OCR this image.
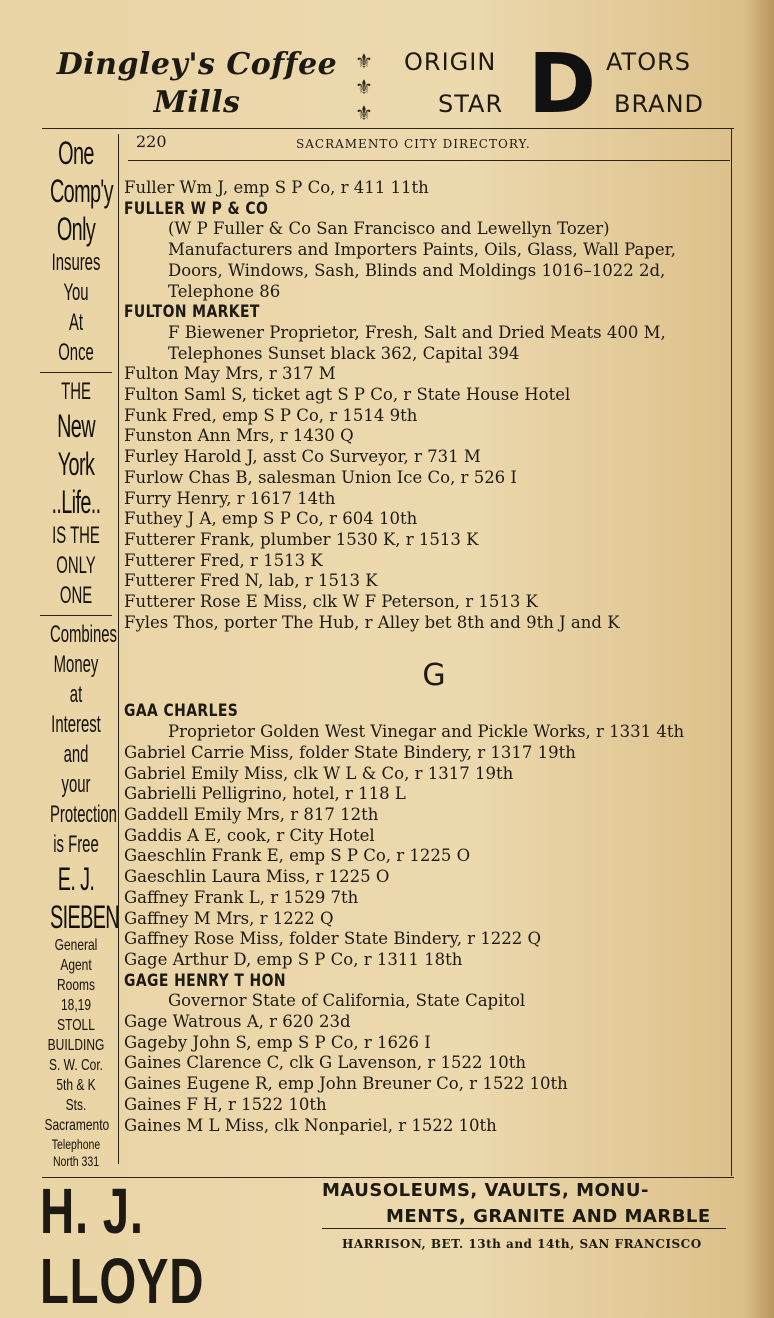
Dingley's Coffee
Mills
⚜
⚜
⚜
ORIGIN	ATORS
STAR	BRAND
D
One
Comp'y
Only
Insures
You
At Once
THE
New
York
..Life..
IS THE
ONLY ONE
Combines
Money at
Interest
and your
Protection
is Free
E. J.
SIEBEN
General
Agent
Rooms 18,19
STOLL
BUILDING
S. W. Cor.
5th & K Sts.
Sacramento
Telephone
North 331
220	SACRAMENTO CITY DIRECTORY.
Fuller Wm J, emp S P Co, r 411 11th
FULLER W P & CO
(W P Fuller & Co San Francisco and Lewellyn Tozer) Manufacturers and Importers Paints, Oils, Glass, Wall Paper, Doors, Windows, Sash, Blinds and Moldings 1016–1022 2d, Telephone 86
FULTON MARKET
F Biewener Proprietor, Fresh, Salt and Dried Meats 400 M, Telephones Sunset black 362, Capital 394
Fulton May Mrs, r 317 M
Fulton Saml S, ticket agt S P Co, r State House Hotel
Funk Fred, emp S P Co, r 1514 9th
Funston Ann Mrs, r 1430 Q
Furley Harold J, asst Co Surveyor, r 731 M
Furlow Chas B, salesman Union Ice Co, r 526 I
Furry Henry, r 1617 14th
Futhey J A, emp S P Co, r 604 10th
Futterer Frank, plumber 1530 K, r 1513 K
Futterer Fred, r 1513 K
Futterer Fred N, lab, r 1513 K
Futterer Rose E Miss, clk W F Peterson, r 1513 K
Fyles Thos, porter The Hub, r Alley bet 8th and 9th J and K
G
GAA CHARLES
Proprietor Golden West Vinegar and Pickle Works, r 1331 4th
Gabriel Carrie Miss, folder State Bindery, r 1317 19th
Gabriel Emily Miss, clk W L & Co, r 1317 19th
Gabrielli Pelligrino, hotel, r 118 L
Gaddell Emily Mrs, r 817 12th
Gaddis A E, cook, r City Hotel
Gaeschlin Frank E, emp S P Co, r 1225 O
Gaeschlin Laura Miss, r 1225 O
Gaffney Frank L, r 1529 7th
Gaffney M Mrs, r 1222 Q
Gaffney Rose Miss, folder State Bindery, r 1222 Q
Gage Arthur D, emp S P Co, r 1311 18th
GAGE HENRY T HON
Governor State of California, State Capitol
Gage Watrous A, r 620 23d
Gageby John S, emp S P Co, r 1626 I
Gaines Clarence C, clk G Lavenson, r 1522 10th
Gaines Eugene R, emp John Breuner Co, r 1522 10th
Gaines F H, r 1522 10th
Gaines M L Miss, clk Nonpariel, r 1522 10th
H. J. LLOYD
MAUSOLEUMS, VAULTS, MONU-
MENTS, GRANITE AND MARBLE
HARRISON, BET. 13th and 14th, SAN FRANCISCO
